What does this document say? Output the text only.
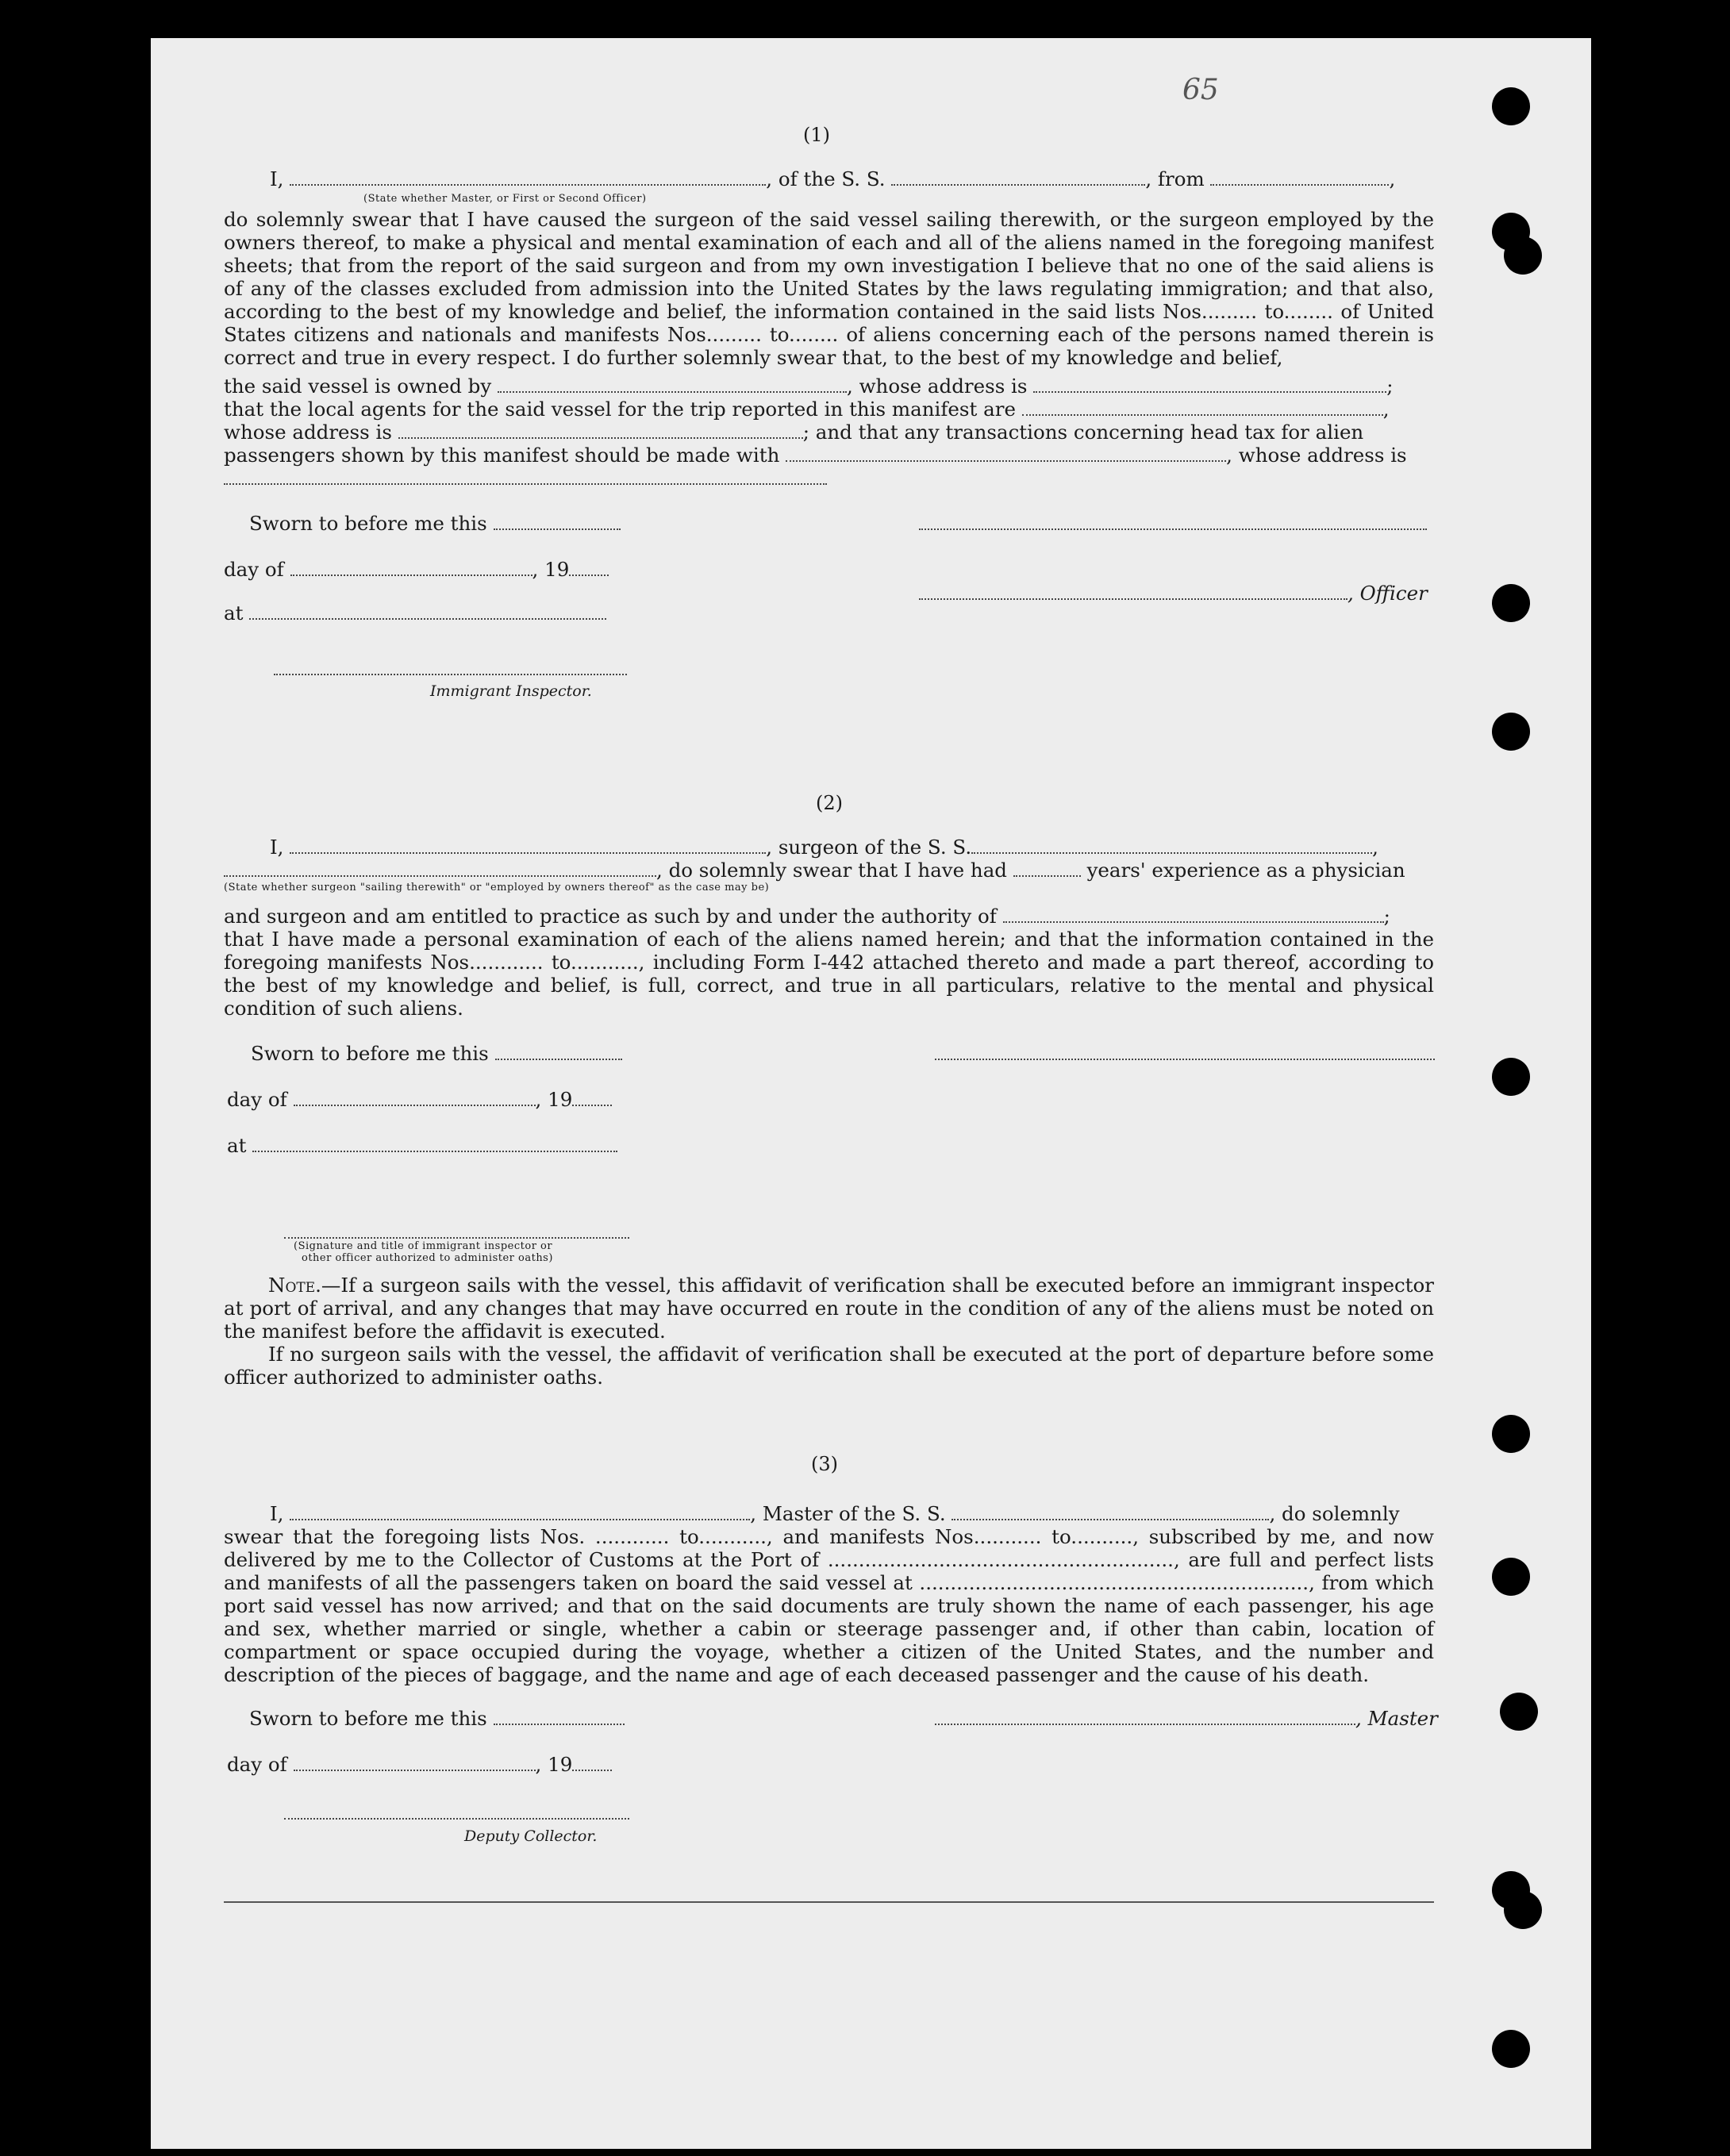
65
(1)
I,	, of the S. S.	, from	,
(State whether Master, or First or Second Officer)

do solemnly swear that I have caused the surgeon of the said vessel sailing therewith, or the surgeon employed by the owners thereof, to make a physical and mental examination of each and all of the aliens named in the foregoing manifest sheets; that from the report of the said surgeon and from my own investigation I believe that no one of the said aliens is of any of the classes excluded from admission into the United States by the laws regulating immigration; and that also, according to the best of my knowledge and belief, the information contained in the said lists Nos......... to........ of United States citizens and nationals and manifests Nos......... to........ of aliens concerning each of the persons named therein is correct and true in every respect. I do further solemnly swear that, to the best of my knowledge and belief,

the said vessel is owned by	, whose address is	;
that the local agents for the said vessel for the trip reported in this manifest are	,
whose address is	; and that any transactions concerning head tax for alien
passengers shown by this manifest should be made with	, whose address is
Sworn to before me this
day of	, 19
, Officer
at
Immigrant Inspector.
(2)
I,	, surgeon of the S. S.	,
, do solemnly swear that I have had	years' experience as a physician
(State whether surgeon "sailing therewith" or "employed by owners thereof" as the case may be)
and surgeon and am entitled to practice as such by and under the authority of	;

that I have made a personal examination of each of the aliens named herein; and that the information contained in the foregoing manifests Nos............ to..........., including Form I-442 attached thereto and made a part thereof, according to the best of my knowledge and belief, is full, correct, and true in all particulars, relative to the mental and physical condition of such aliens.

Sworn to before me this
day of	, 19
at
(Signature and title of immigrant inspector or
other officer authorized to administer oaths)

Note.—If a surgeon sails with the vessel, this affidavit of verification shall be executed before an immigrant inspector at port of arrival, and any changes that may have occurred en route in the condition of any of the aliens must be noted on the manifest before the affidavit is executed.

If no surgeon sails with the vessel, the affidavit of verification shall be executed at the port of departure before some officer authorized to administer oaths.

(3)
I,	, Master of the S. S.	, do solemnly

swear that the foregoing lists Nos. ............ to..........., and manifests Nos........... to.........., subscribed by me, and now delivered by me to the Collector of Customs at the Port of ........................................................, are full and perfect lists and manifests of all the passengers taken on board the said vessel at ..............................................................., from which port said vessel has now arrived; and that on the said documents are truly shown the name of each passenger, his age and sex, whether married or single, whether a cabin or steerage passenger and, if other than cabin, location of compartment or space occupied during the voyage, whether a citizen of the United States, and the number and description of the pieces of baggage, and the name and age of each deceased passenger and the cause of his death.

Sworn to before me this	, Master
day of	, 19
Deputy Collector.
